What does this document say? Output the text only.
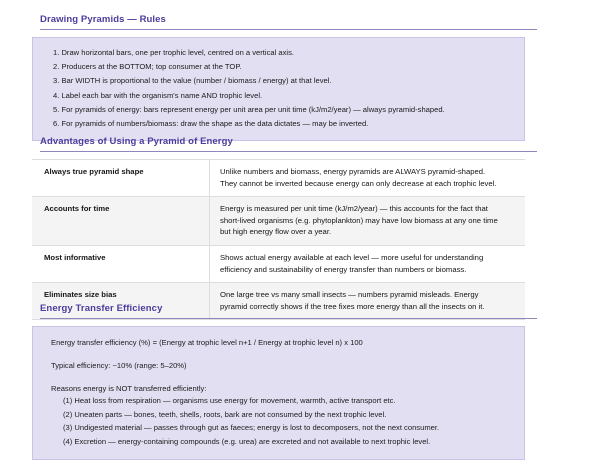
Drawing Pyramids — Rules
1. Draw horizontal bars, one per trophic level, centred on a vertical axis.
2. Producers at the BOTTOM; top consumer at the TOP.
3. Bar WIDTH is proportional to the value (number / biomass / energy) at that level.
4. Label each bar with the organism's name AND trophic level.
5. For pyramids of energy: bars represent energy per unit area per unit time (kJ/m2/year) — always pyramid-shaped.
6. For pyramids of numbers/biomass: draw the shape as the data dictates — may be inverted.
Advantages of Using a Pyramid of Energy
Always true pyramid shape	Unlike numbers and biomass, energy pyramids are ALWAYS pyramid-shaped.
They cannot be inverted because energy can only decrease at each trophic level.

Accounts for time	Energy is measured per unit time (kJ/m2/year) — this accounts for the fact that
short-lived organisms (e.g. phytoplankton) may have low biomass at any one time
but high energy flow over a year.

Most informative	Shows actual energy available at each level — more useful for understanding
efficiency and sustainability of energy transfer than numbers or biomass.

Eliminates size bias	One large tree vs many small insects — numbers pyramid misleads. Energy
pyramid correctly shows if the tree fixes more energy than all the insects on it.
Energy Transfer Efficiency
Energy transfer efficiency (%) = (Energy at trophic level n+1 / Energy at trophic level n) x 100
Typical efficiency: ~10% (range: 5–20%)
Reasons energy is NOT transferred efficiently:
(1) Heat loss from respiration — organisms use energy for movement, warmth, active transport etc.
(2) Uneaten parts — bones, teeth, shells, roots, bark are not consumed by the next trophic level.
(3) Undigested material — passes through gut as faeces; energy is lost to decomposers, not the next consumer.
(4) Excretion — energy-containing compounds (e.g. urea) are excreted and not available to next trophic level.
